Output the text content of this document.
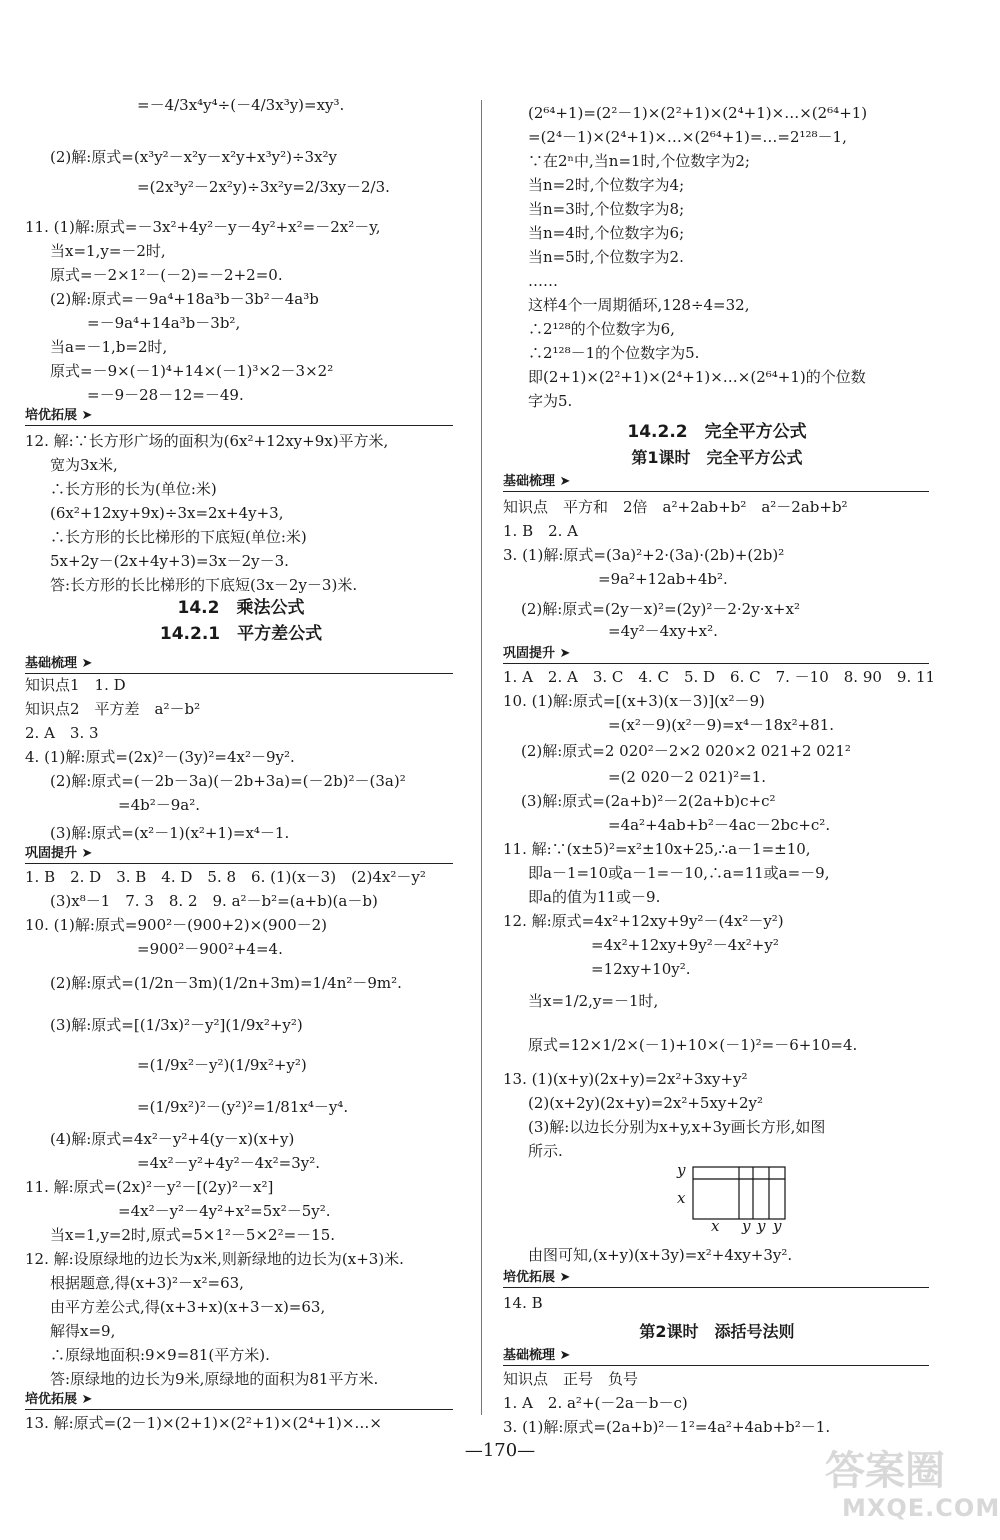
=－4/3x⁴y⁴÷(－4/3x³y)=xy³.
(2)解:原式=(x³y²－x²y－x²y+x³y²)÷3x²y
=(2x³y²－2x²y)÷3x²y=2/3xy－2/3.
11. (1)解:原式=－3x²+4y²－y－4y²+x²=－2x²－y,
当x=1,y=－2时,
原式=－2×1²－(－2)=－2+2=0.
(2)解:原式=－9a⁴+18a³b－3b²－4a³b
=－9a⁴+14a³b－3b²,
当a=－1,b=2时,
原式=－9×(－1)⁴+14×(－1)³×2－3×2²
=－9－28－12=－49.
培优拓展 ➤
12. 解:∵长方形广场的面积为(6x²+12xy+9x)平方米,
宽为3x米,
∴长方形的长为(单位:米)
(6x²+12xy+9x)÷3x=2x+4y+3,
∴长方形的长比梯形的下底短(单位:米)
5x+2y－(2x+4y+3)=3x－2y－3.
答:长方形的长比梯形的下底短(3x－2y－3)米.
14.2　乘法公式
14.2.1　平方差公式
基础梳理 ➤
知识点1　1. D
知识点2　平方差　a²－b²
2. A　3. 3
4. (1)解:原式=(2x)²－(3y)²=4x²－9y².
(2)解:原式=(－2b－3a)(－2b+3a)=(－2b)²－(3a)²
=4b²－9a².
(3)解:原式=(x²－1)(x²+1)=x⁴－1.
巩固提升 ➤
1. B　2. D　3. B　4. D　5. 8　6. (1)(x－3)　(2)4x²－y²
(3)x⁸－1　7. 3　8. 2　9. a²－b²=(a+b)(a－b)
10. (1)解:原式=900²－(900+2)×(900－2)
=900²－900²+4=4.
(2)解:原式=(1/2n－3m)(1/2n+3m)=1/4n²－9m².
(3)解:原式=[(1/3x)²－y²](1/9x²+y²)
=(1/9x²－y²)(1/9x²+y²)
=(1/9x²)²－(y²)²=1/81x⁴－y⁴.
(4)解:原式=4x²－y²+4(y－x)(x+y)
=4x²－y²+4y²－4x²=3y².
11. 解:原式=(2x)²－y²－[(2y)²－x²]
=4x²－y²－4y²+x²=5x²－5y².
当x=1,y=2时,原式=5×1²－5×2²=－15.
12. 解:设原绿地的边长为x米,则新绿地的边长为(x+3)米.
根据题意,得(x+3)²－x²=63,
由平方差公式,得(x+3+x)(x+3－x)=63,
解得x=9,
∴原绿地面积:9×9=81(平方米).
答:原绿地的边长为9米,原绿地的面积为81平方米.
培优拓展 ➤
13. 解:原式=(2－1)×(2+1)×(2²+1)×(2⁴+1)×…×
(2⁶⁴+1)=(2²－1)×(2²+1)×(2⁴+1)×…×(2⁶⁴+1)
=(2⁴－1)×(2⁴+1)×…×(2⁶⁴+1)=…=2¹²⁸－1,
∵在2ⁿ中,当n=1时,个位数字为2;
当n=2时,个位数字为4;
当n=3时,个位数字为8;
当n=4时,个位数字为6;
当n=5时,个位数字为2.
……
这样4个一周期循环,128÷4=32,
∴2¹²⁸的个位数字为6,
∴2¹²⁸－1的个位数字为5.
即(2+1)×(2²+1)×(2⁴+1)×…×(2⁶⁴+1)的个位数
字为5.
14.2.2　完全平方公式
第1课时　完全平方公式
基础梳理 ➤
知识点　平方和　2倍　a²+2ab+b²　a²－2ab+b²
1. B　2. A
3. (1)解:原式=(3a)²+2·(3a)·(2b)+(2b)²
=9a²+12ab+4b².
(2)解:原式=(2y－x)²=(2y)²－2·2y·x+x²
=4y²－4xy+x².
巩固提升 ➤
1. A　2. A　3. C　4. C　5. D　6. C　7. －10　8. 90　9. 11
10. (1)解:原式=[(x+3)(x－3)](x²－9)
=(x²－9)(x²－9)=x⁴－18x²+81.
(2)解:原式=2 020²－2×2 020×2 021+2 021²
=(2 020－2 021)²=1.
(3)解:原式=(2a+b)²－2(2a+b)c+c²
=4a²+4ab+b²－4ac－2bc+c².
11. 解:∵(x±5)²=x²±10x+25,∴a－1=±10,
即a－1=10或a－1=－10,∴a=11或a=－9,
即a的值为11或－9.
12. 解:原式=4x²+12xy+9y²－(4x²－y²)
=4x²+12xy+9y²－4x²+y²
=12xy+10y².
当x=1/2,y=－1时,
原式=12×1/2×(－1)+10×(－1)²=－6+10=4.
13. (1)(x+y)(2x+y)=2x²+3xy+y²
(2)(x+2y)(2x+y)=2x²+5xy+2y²
(3)解:以边长分别为x+y,x+3y画长方形,如图
所示.
y
x
x y y y
由图可知,(x+y)(x+3y)=x²+4xy+3y².
培优拓展 ➤
14. B
第2课时　添括号法则
基础梳理 ➤
知识点　正号　负号
1. A　2. a²+(－2a－b－c)
3. (1)解:原式=(2a+b)²－1²=4a²+4ab+b²－1.
—170—	答案圈
MXQE.COM
